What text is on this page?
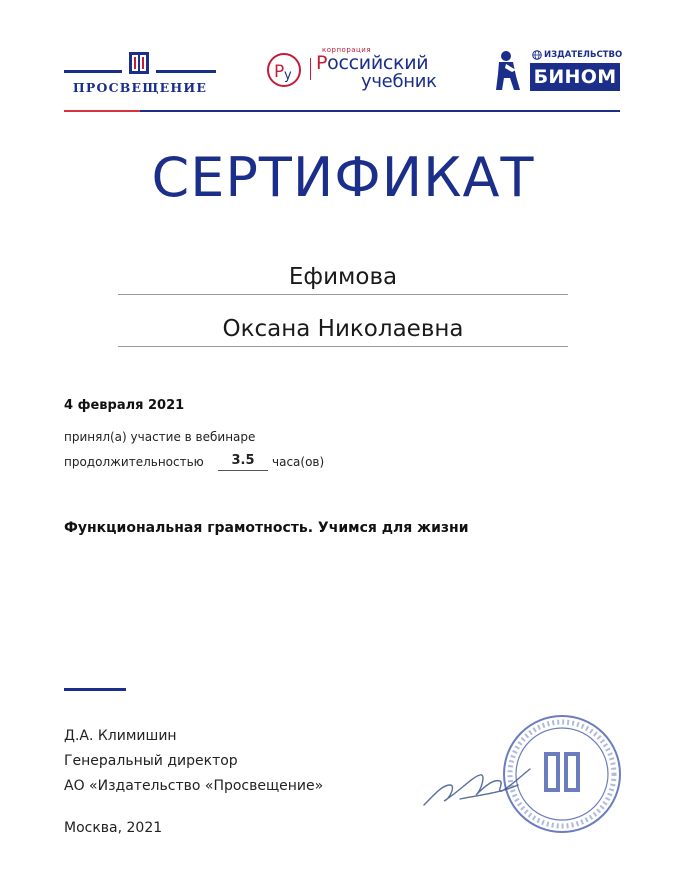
ПРОСВЕЩЕНИЕ
Р у
корпорация
Российский
учебник
ИЗДАТЕЛЬСТВО
БИНОМ
СЕРТИФИКАТ
Ефимова
Оксана Николаевна
4 февраля 2021
принял(а) участие в вебинаре
продолжительностью	3.5	часа(ов)
Функциональная грамотность. Учимся для жизни
Д.А. Климишин
Генеральный директор
АО «Издательство «Просвещение»
Москва, 2021
